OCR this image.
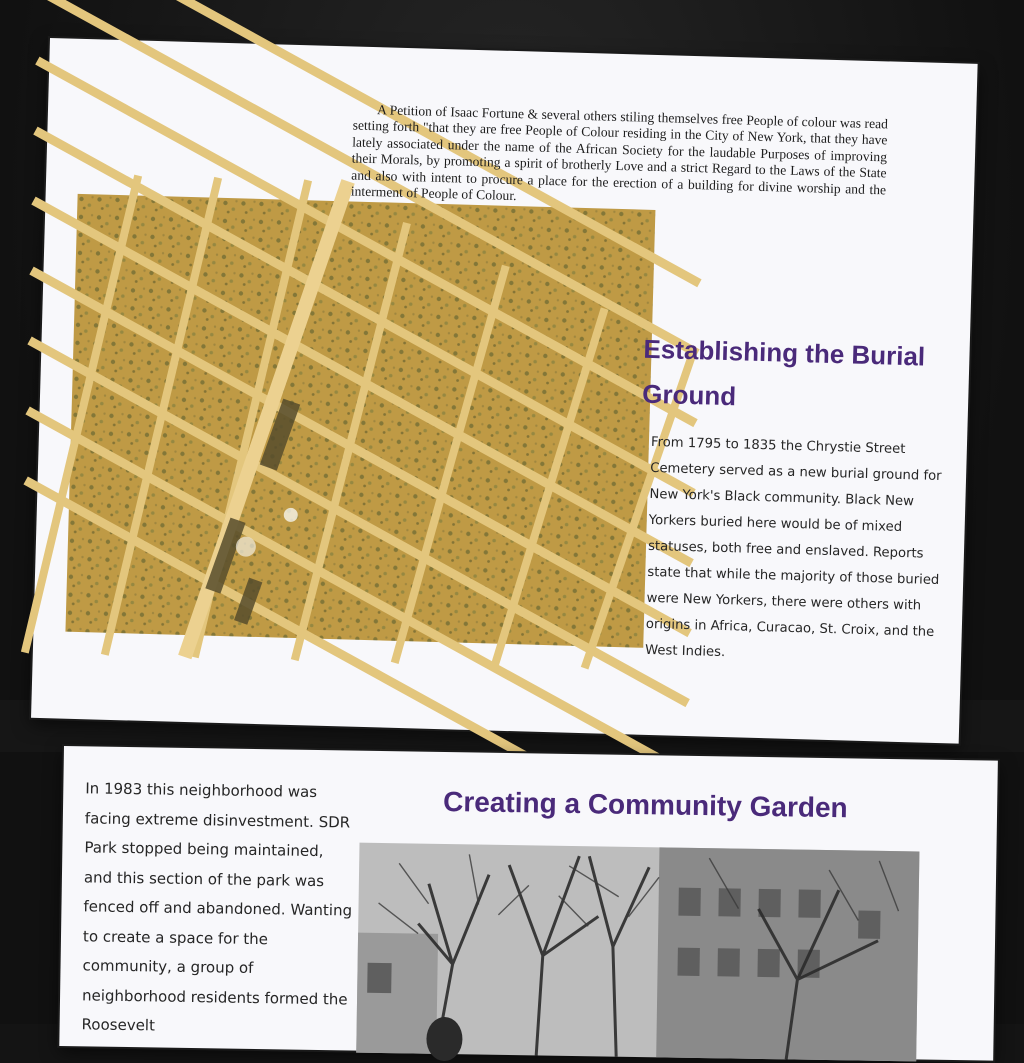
A Petition of Isaac Fortune & several others stiling themselves free People of colour was read setting forth "that they are free People of Colour residing in the City of New York, that they have lately associated under the name of the African Society for the laudable Purposes of improving their Morals, by promoting a spirit of brotherly Love and a strict Regard to the Laws of the State and also with intent to procure a place for the erection of a building for divine worship and the interment of People of Colour.

Establishing the Burial Ground

From 1795 to 1835 the Chrystie Street Cemetery served as a new burial ground for New York's Black community. Black New Yorkers buried here would be of mixed statuses, both free and enslaved. Reports state that while the majority of those buried were New Yorkers, there were others with origins in Africa, Curacao, St. Croix, and the West Indies.

In 1983 this neighborhood was facing extreme disinvestment. SDR Park stopped being maintained, and this section of the park was fenced off and abandoned. Wanting to create a space for the community, a group of neighborhood residents formed the Roosevelt

Creating a Community Garden
